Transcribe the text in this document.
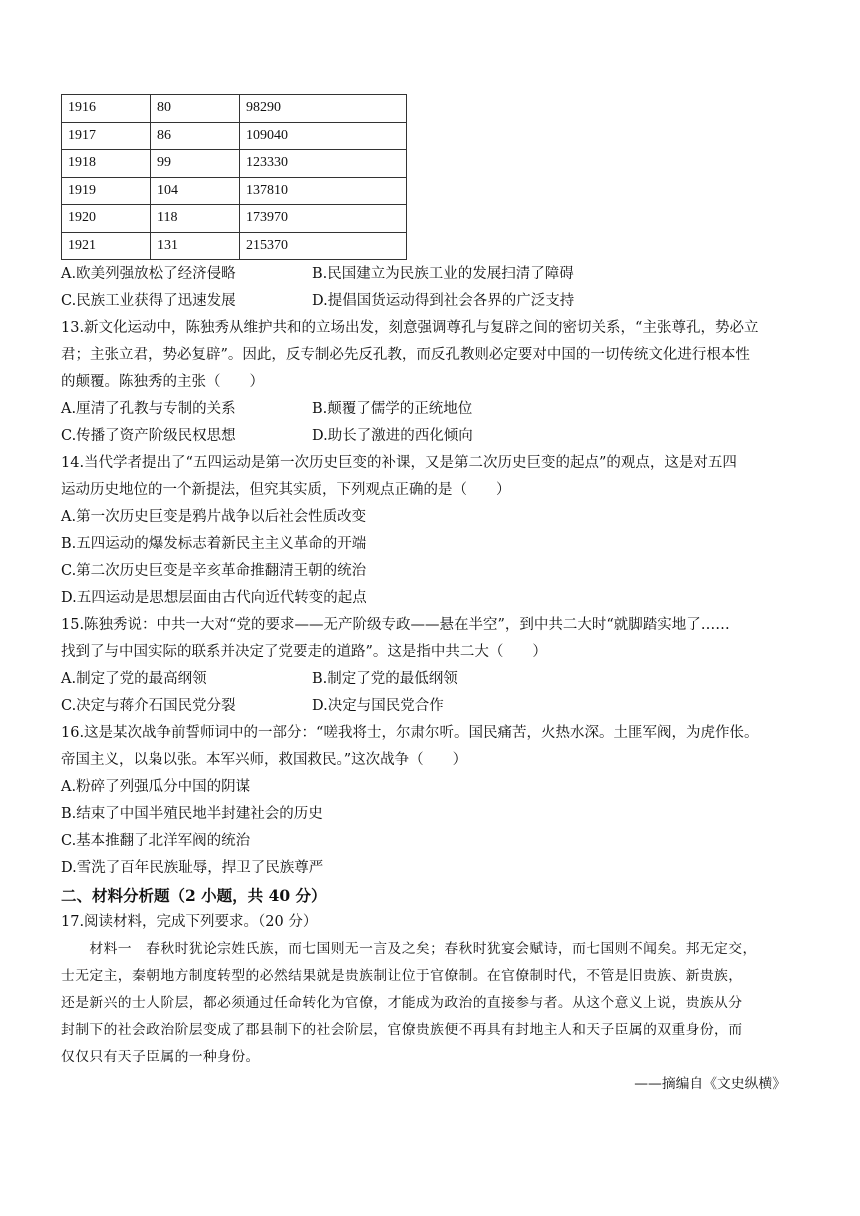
1916	80	98290
1917	86	109040
1918	99	123330
1919	104	137810
1920	118	173970
1921	131	215370
A.欧美列强放松了经济侵略	B.民国建立为民族工业的发展扫清了障碍
C.民族工业获得了迅速发展	D.提倡国货运动得到社会各界的广泛支持
13.新文化运动中，陈独秀从维护共和的立场出发，刻意强调尊孔与复辟之间的密切关系，“主张尊孔，势必立
君；主张立君，势必复辟”。因此，反专制必先反孔教，而反孔教则必定要对中国的一切传统文化进行根本性
的颠覆。陈独秀的主张（　　）
A.厘清了孔教与专制的关系	B.颠覆了儒学的正统地位
C.传播了资产阶级民权思想	D.助长了激进的西化倾向
14.当代学者提出了“五四运动是第一次历史巨变的补课，又是第二次历史巨变的起点”的观点，这是对五四
运动历史地位的一个新提法，但究其实质，下列观点正确的是（　　）
A.第一次历史巨变是鸦片战争以后社会性质改变
B.五四运动的爆发标志着新民主主义革命的开端
C.第二次历史巨变是辛亥革命推翻清王朝的统治
D.五四运动是思想层面由古代向近代转变的起点
15.陈独秀说：中共一大对“党的要求——无产阶级专政——悬在半空”，到中共二大时“就脚踏实地了……
找到了与中国实际的联系并决定了党要走的道路”。这是指中共二大（　　）
A.制定了党的最高纲领	B.制定了党的最低纲领
C.决定与蒋介石国民党分裂	D.决定与国民党合作
16.这是某次战争前誓师词中的一部分：“嗟我将士，尔肃尔听。国民痛苦，火热水深。土匪军阀，为虎作伥。
帝国主义，以枭以张。本军兴师，救国救民。”这次战争（　　）
A.粉碎了列强瓜分中国的阴谋
B.结束了中国半殖民地半封建社会的历史
C.基本推翻了北洋军阀的统治
D.雪洗了百年民族耻辱，捍卫了民族尊严
二、材料分析题（2 小题，共 40 分）
17.阅读材料，完成下列要求。（20 分）
　　材料一　春秋时犹论宗姓氏族，而七国则无一言及之矣；春秋时犹宴会赋诗，而七国则不闻矣。邦无定交，
士无定主，秦朝地方制度转型的必然结果就是贵族制让位于官僚制。在官僚制时代，不管是旧贵族、新贵族，
还是新兴的士人阶层，都必须通过任命转化为官僚，才能成为政治的直接参与者。从这个意义上说，贵族从分
封制下的社会政治阶层变成了郡县制下的社会阶层，官僚贵族便不再具有封地主人和天子臣属的双重身份，而
仅仅只有天子臣属的一种身份。
——摘编自《文史纵横》
